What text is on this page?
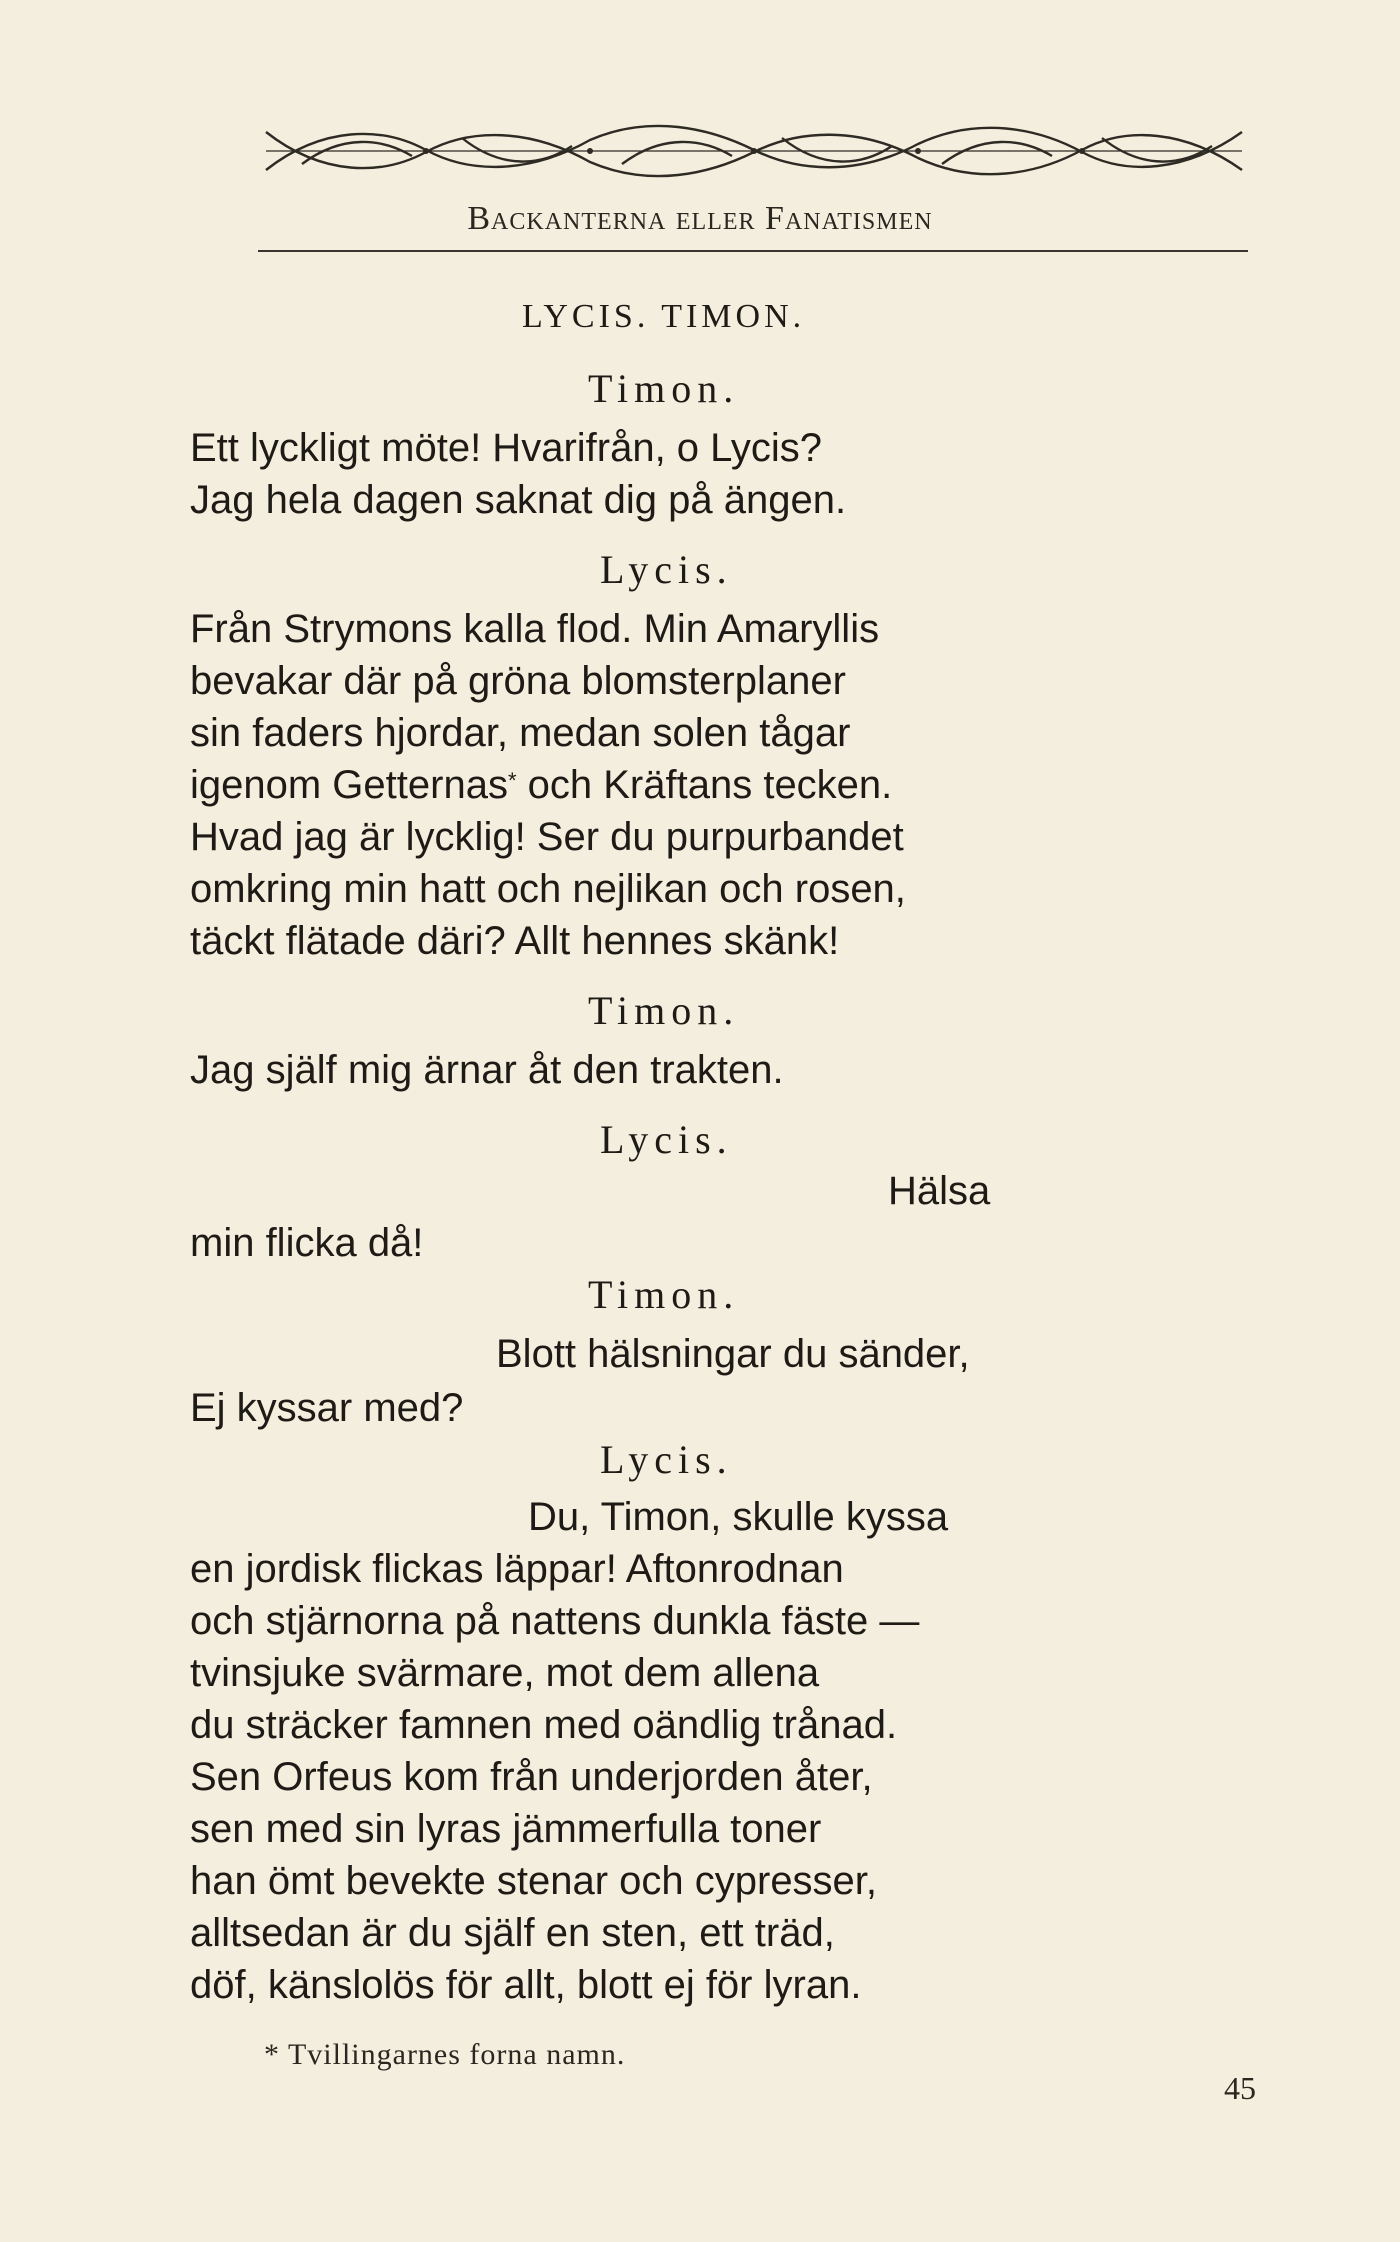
Backanterna eller Fanatismen
LYCIS. TIMON.
Timon.
Ett lyckligt möte! Hvarifrån, o Lycis?
Jag hela dagen saknat dig på ängen.
Lycis.
Från Strymons kalla flod. Min Amaryllis
bevakar där på gröna blomsterplaner
sin faders hjordar, medan solen tågar
igenom Getternas* och Kräftans tecken.
Hvad jag är lycklig! Ser du purpurbandet
omkring min hatt och nejlikan och rosen,
täckt flätade däri? Allt hennes skänk!
Timon.
Jag själf mig ärnar åt den trakten.
Lycis.
Hälsa
min flicka då!
Timon.
Blott hälsningar du sänder,
Ej kyssar med?
Lycis.
Du, Timon, skulle kyssa
en jordisk flickas läppar! Aftonrodnan
och stjärnorna på nattens dunkla fäste —
tvinsjuke svärmare, mot dem allena
du sträcker famnen med oändlig trånad.
Sen Orfeus kom från underjorden åter,
sen med sin lyras jämmerfulla toner
han ömt bevekte stenar och cypresser,
alltsedan är du själf en sten, ett träd,
döf, känslolös för allt, blott ej för lyran.
* Tvillingarnes forna namn.
45
